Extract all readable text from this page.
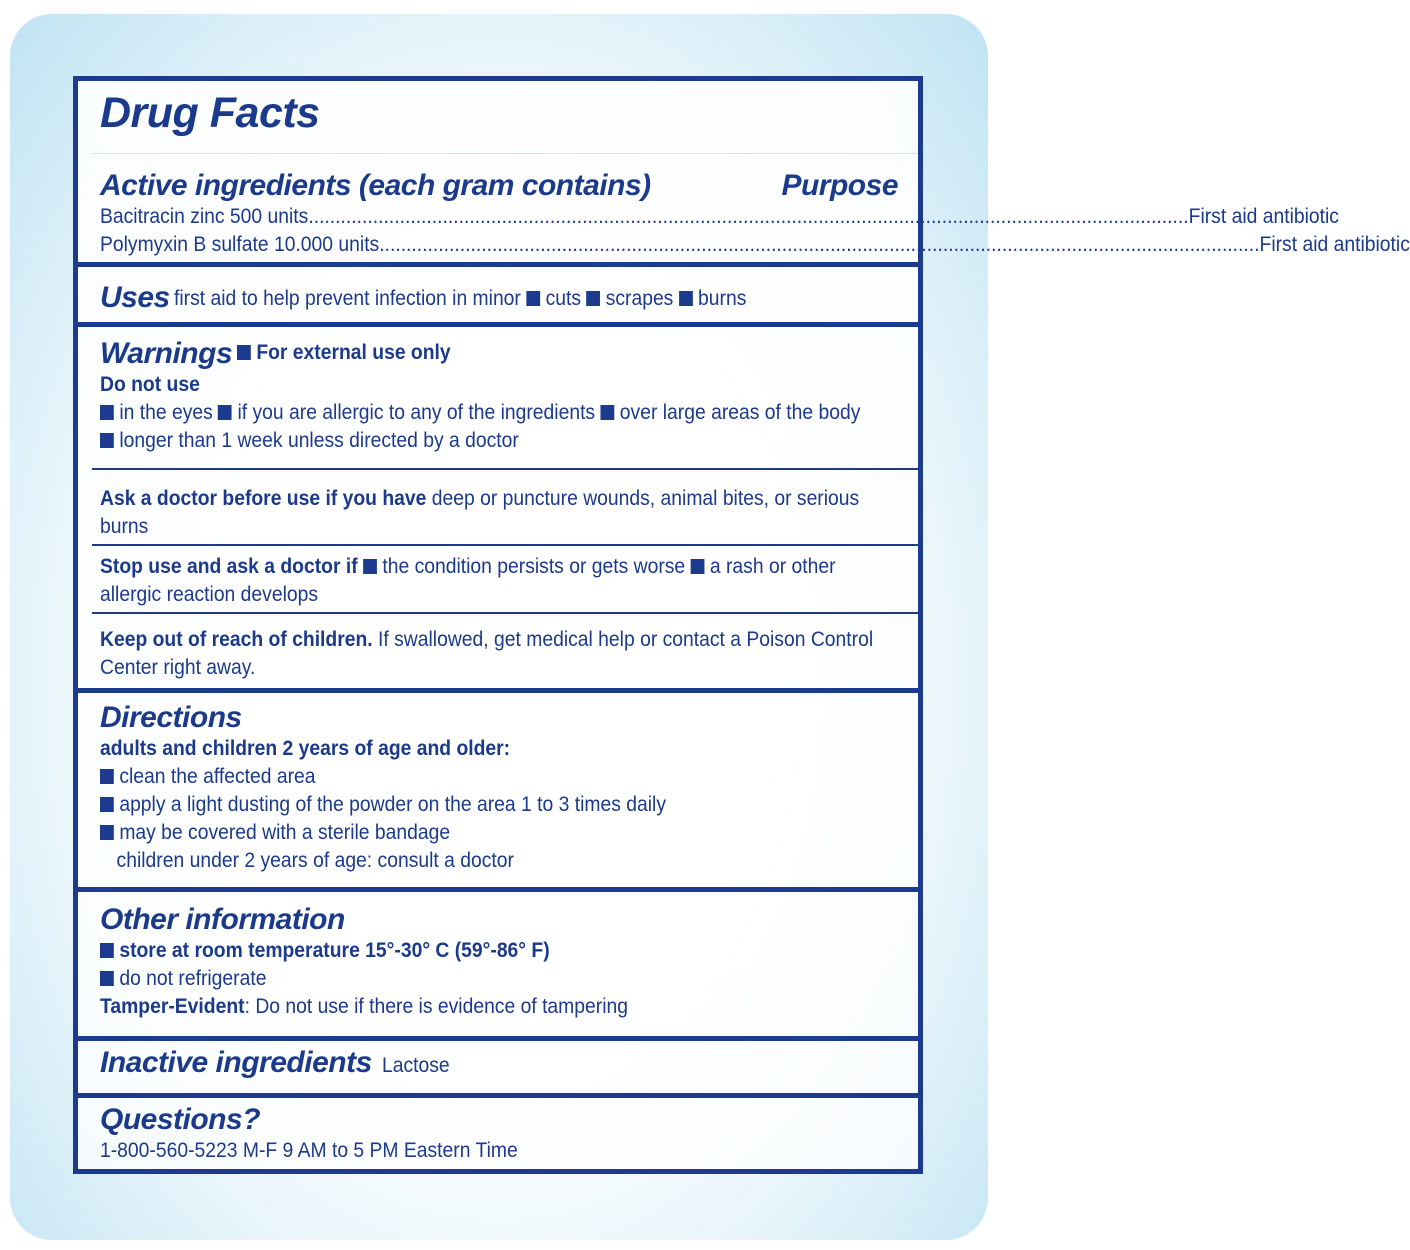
Drug Facts
Active ingredients (each gram contains)	Purpose
Bacitracin zinc 500 units .................................................................................................................................................................... First aid antibiotic
Polymyxin B sulfate 10.000 units .................................................................................................................................................................... First aid antibiotic
Uses first aid to help prevent infection in minor cuts scrapes burns
Warnings For external use only
Do not use
in the eyes if you are allergic to any of the ingredients over large areas of the body
longer than 1 week unless directed by a doctor
Ask a doctor before use if you have deep or puncture wounds, animal bites, or serious
burns
Stop use and ask a doctor if the condition persists or gets worse a rash or other
allergic reaction develops
Keep out of reach of children. If swallowed, get medical help or contact a Poison Control
Center right away.
Directions
adults and children 2 years of age and older:
clean the affected area
apply a light dusting of the powder on the area 1 to 3 times daily
may be covered with a sterile bandage
children under 2 years of age: consult a doctor
Other information
store at room temperature 15°-30° C (59°-86° F)
do not refrigerate
Tamper-Evident: Do not use if there is evidence of tampering
Inactive ingredients Lactose
Questions?
1-800-560-5223 M-F 9 AM to 5 PM Eastern Time
